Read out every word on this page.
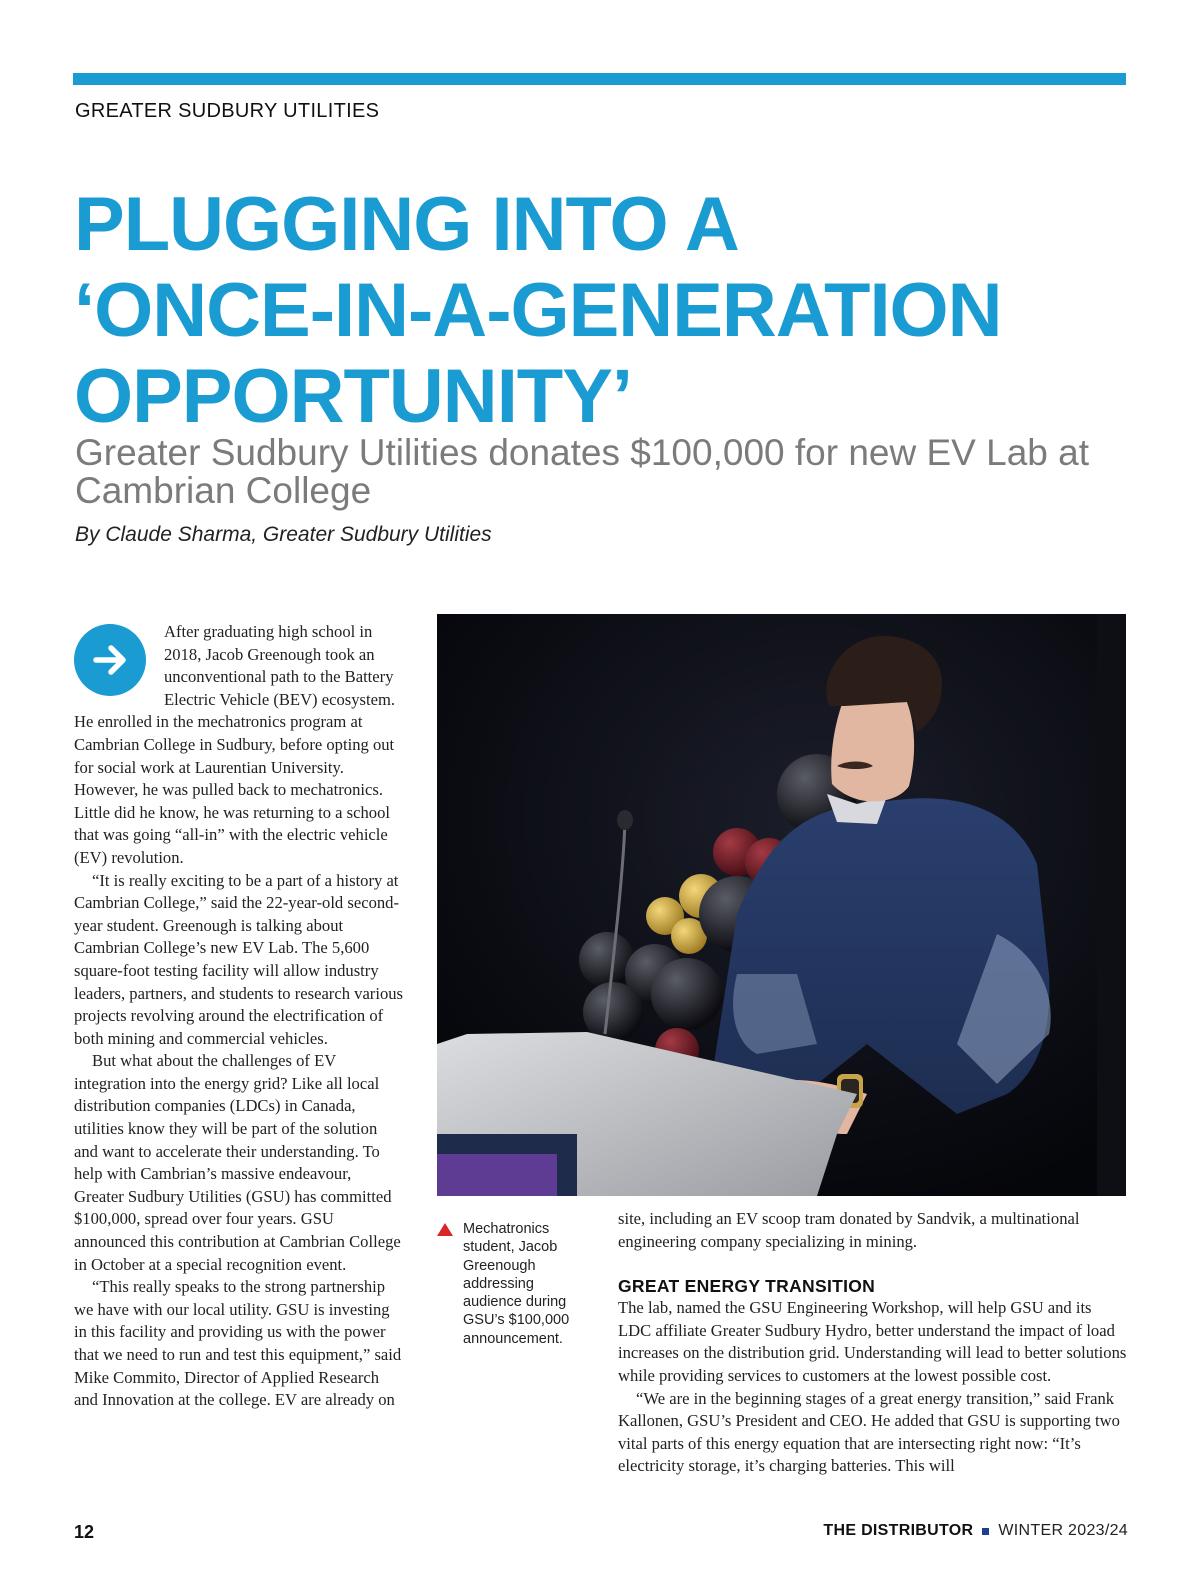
GREATER SUDBURY UTILITIES
PLUGGING INTO A
‘ONCE-IN-A-GENERATION
OPPORTUNITY’
Greater Sudbury Utilities donates $100,000 for new EV Lab at Cambrian College
By Claude Sharma, Greater Sudbury Utilities

After graduating high school in 2018, Jacob Greenough took an unconventional path to the Battery Electric Vehicle (BEV) ecosystem. He enrolled in the mechatronics program at Cambrian College in Sudbury, before opting out for social work at Laurentian University. However, he was pulled back to mechatronics. Little did he know, he was returning to a school that was going “all-in” with the electric vehicle (EV) revolution.

“It is really exciting to be a part of a history at Cambrian College,” said the 22-year-old second-year student. Greenough is talking about Cambrian College’s new EV Lab. The 5,600 square-foot testing facility will allow industry leaders, partners, and students to research various projects revolving around the electrification of both mining and commercial vehicles.

But what about the challenges of EV integration into the energy grid? Like all local distribution companies (LDCs) in Canada, utilities know they will be part of the solution and want to accelerate their understanding. To help with Cambrian’s massive endeavour, Greater Sudbury Utilities (GSU) has committed $100,000, spread over four years. GSU announced this contribution at Cambrian College in October at a special recognition event.

“This really speaks to the strong partnership we have with our local utility. GSU is investing in this facility and providing us with the power that we need to run and test this equipment,” said Mike Commito, Director of Applied Research and Innovation at the college. EV are already on

Mechatronics student, Jacob Greenough addressing audience during GSU’s $100,000 announcement.

site, including an EV scoop tram donated by Sandvik, a multinational engineering company specializing in mining.

GREAT ENERGY TRANSITION

The lab, named the GSU Engineering Workshop, will help GSU and its LDC affiliate Greater Sudbury Hydro, better understand the impact of load increases on the distribution grid. Understanding will lead to better solutions while providing services to customers at the lowest possible cost.

“We are in the beginning stages of a great energy transition,” said Frank Kallonen, GSU’s President and CEO. He added that GSU is supporting two vital parts of this energy equation that are intersecting right now: “It’s electricity storage, it’s charging batteries. This will

12	THE DISTRIBUTOR WINTER 2023/24
